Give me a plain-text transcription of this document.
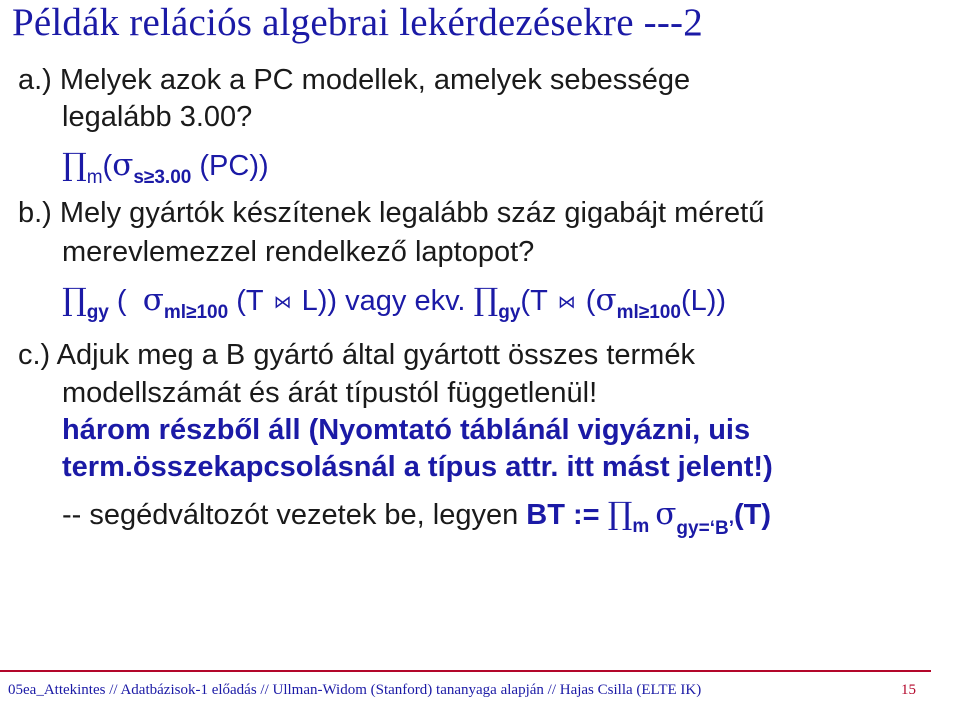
Példák relációs algebrai lekérdezésekre ---2
a.) Melyek azok a PC modellek, amelyek sebessége
legalább 3.00?
$\prod_m(\sigma_{s\ge 3.00}$ (PC))
b.) Mely gyártók készítenek legalább száz gigabájt méretű
merevlemezzel rendelkező laptopot?
$\prod_{gy}$ (  $\sigma_{ml\ge 100}$ (T ⋈ L)) vagy ekv. $\prod_{gy}(T$ ⋈ $(\sigma_{ml\ge 100}(L))$
c.) Adjuk meg a B gyártó által gyártott összes termék
modellszámát és árát típustól függetlenül!
három részből áll (Nyomtató táblánál vigyázni, uis
term.összekapcsolásnál a típus attr. itt mást jelent!)
-- segédváltozót vezetek be, legyen BT := $\prod_m$ $\sigma_{gy=‘B’}(T)$
05ea_Attekintes // Adatbázisok-1 előadás // Ullman-Widom (Stanford) tananyaga alapján // Hajas Csilla (ELTE IK)	15
